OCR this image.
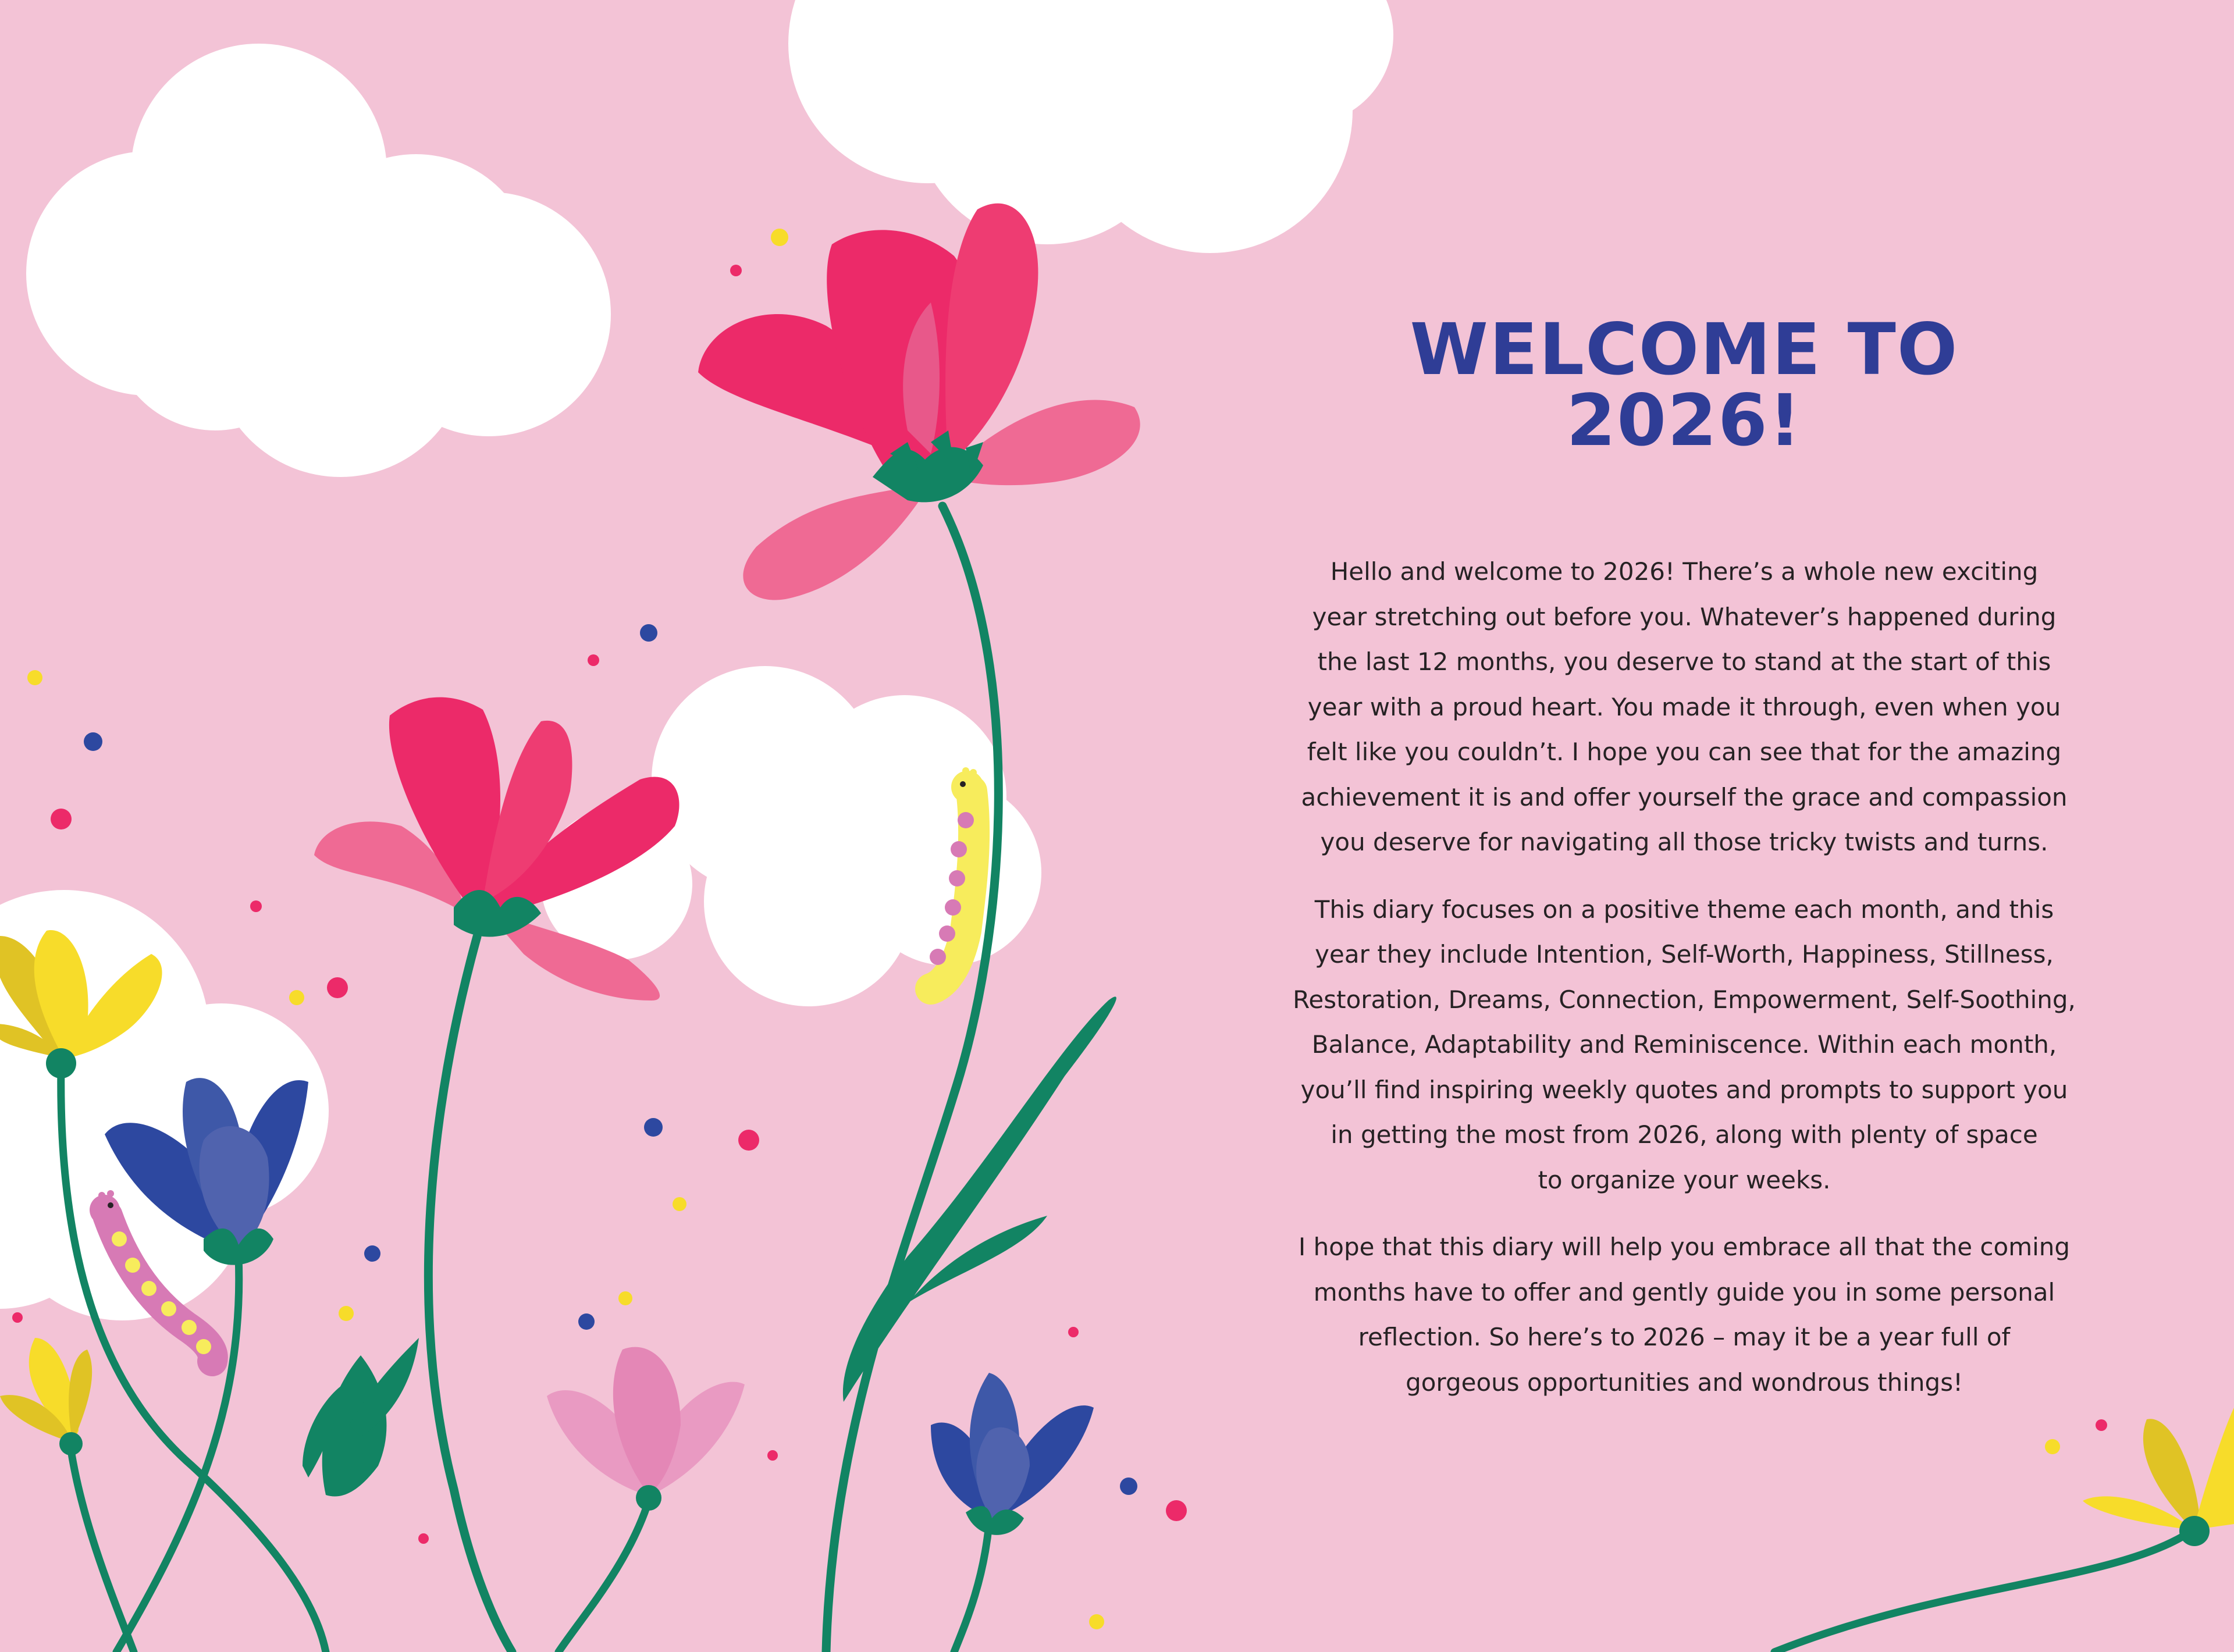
WELCOME TO 2026!

Hello and welcome to 2026! There’s a whole new exciting
year stretching out before you. Whatever’s happened during
the last 12 months, you deserve to stand at the start of this
year with a proud heart. You made it through, even when you
felt like you couldn’t. I hope you can see that for the amazing
achievement it is and offer yourself the grace and compassion
you deserve for navigating all those tricky twists and turns.

This diary focuses on a positive theme each month, and this
year they include Intention, Self-Worth, Happiness, Stillness,
Restoration, Dreams, Connection, Empowerment, Self-Soothing,
Balance, Adaptability and Reminiscence. Within each month,
you’ll find inspiring weekly quotes and prompts to support you
in getting the most from 2026, along with plenty of space
to organize your weeks.

I hope that this diary will help you embrace all that the coming
months have to offer and gently guide you in some personal
reflection. So here’s to 2026 – may it be a year full of
gorgeous opportunities and wondrous things!
